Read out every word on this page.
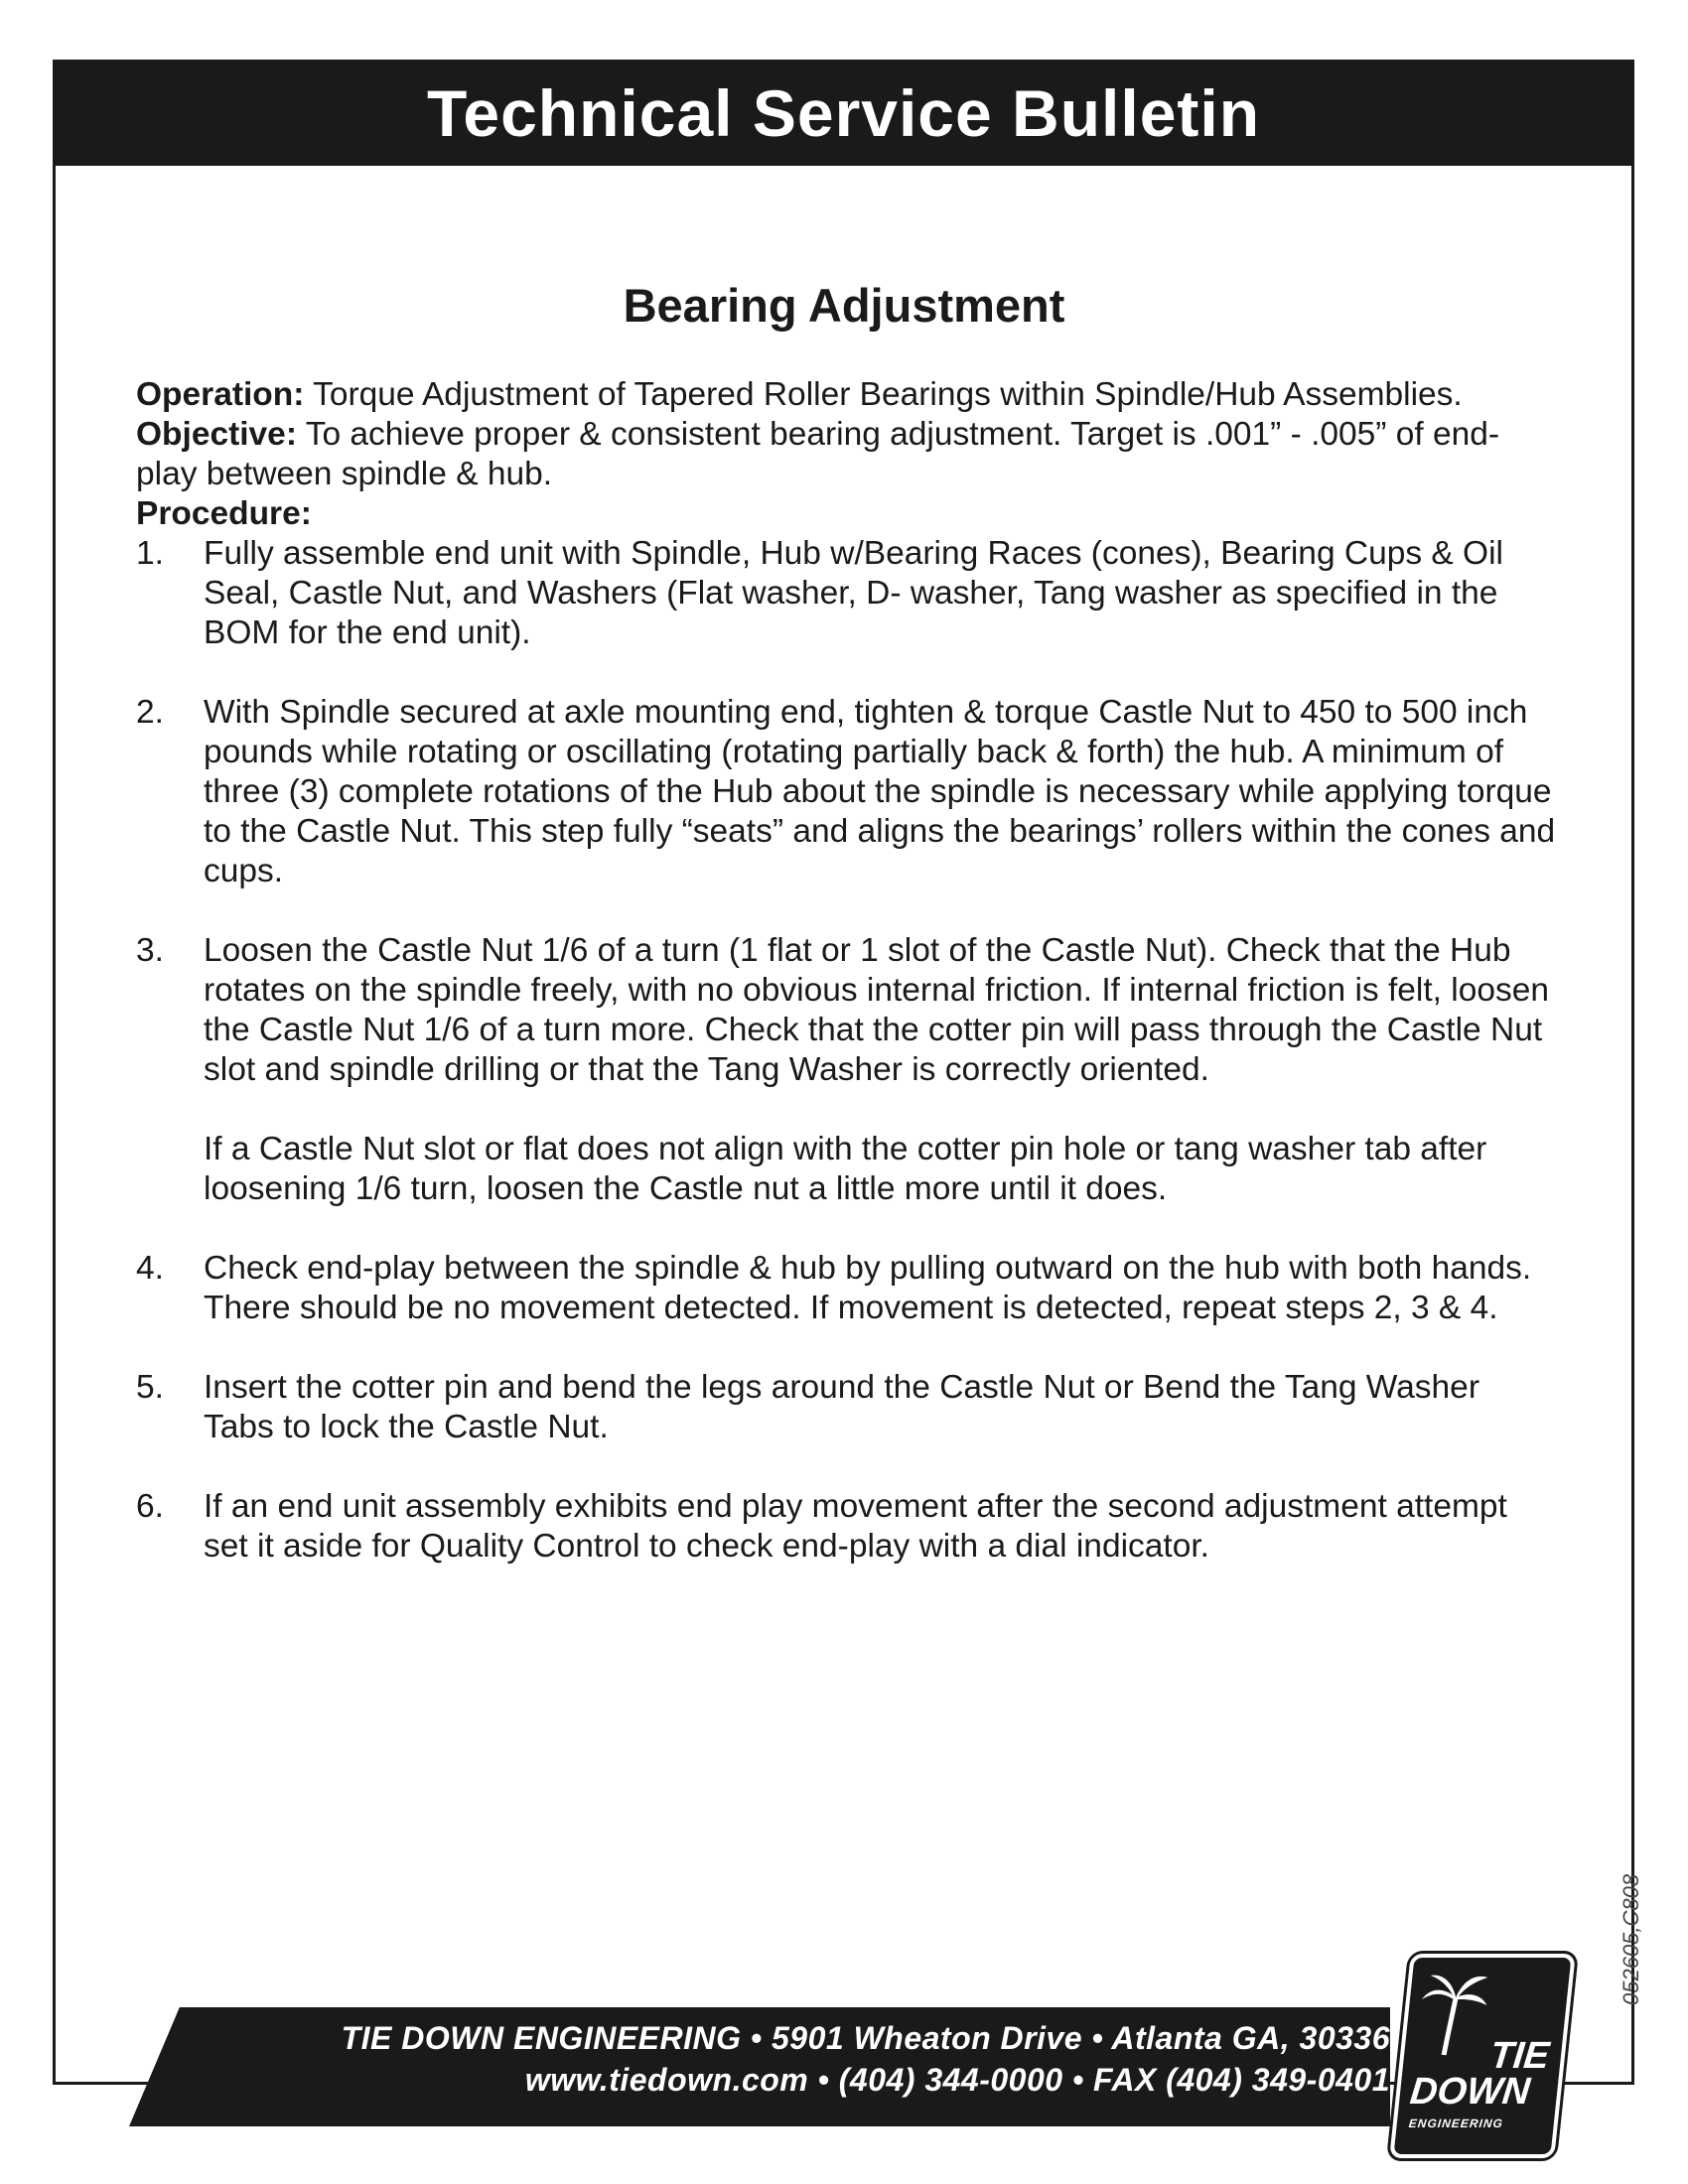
Technical Service Bulletin
Bearing Adjustment

Operation: Torque Adjustment of Tapered Roller Bearings within Spindle/Hub Assemblies.

Objective: To achieve proper & consistent bearing adjustment. Target is .001” - .005” of end-play between spindle & hub.

Procedure:

1. Fully assemble end unit with Spindle, Hub w/Bearing Races (cones), Bearing Cups & Oil Seal, Castle Nut, and Washers (Flat washer, D- washer, Tang washer as specified in the BOM for the end unit).
2. With Spindle secured at axle mounting end, tighten & torque Castle Nut to 450 to 500 inch pounds while rotating or oscillating (rotating partially back & forth) the hub. A minimum of three (3) complete rotations of the Hub about the spindle is necessary while applying torque to the Castle Nut. This step fully “seats” and aligns the bearings’ rollers within the cones and cups.
3. Loosen the Castle Nut 1/6 of a turn (1 flat or 1 slot of the Castle Nut). Check that the Hub rotates on the spindle freely, with no obvious internal friction. If internal friction is felt, loosen the Castle Nut 1/6 of a turn more. Check that the cotter pin will pass through the Castle Nut slot and spindle drilling or that the Tang Washer is correctly oriented.
If a Castle Nut slot or flat does not align with the cotter pin hole or tang washer tab after loosening 1/6 turn, loosen the Castle nut a little more until it does.
4. Check end-play between the spindle & hub by pulling outward on the hub with both hands. There should be no movement detected. If movement is detected, repeat steps 2, 3 & 4.
5. Insert the cotter pin and bend the legs around the Castle Nut or Bend the Tang Washer Tabs to lock the Castle Nut.
6. If an end unit assembly exhibits end play movement after the second adjustment attempt set it aside for Quality Control to check end-play with a dial indicator.
TIE DOWN ENGINEERING • 5901 Wheaton Drive • Atlanta GA, 30336
www.tiedown.com • (404) 344-0000 • FAX (404) 349-0401
TIE
DOWN
ENGINEERING
052605,C808
